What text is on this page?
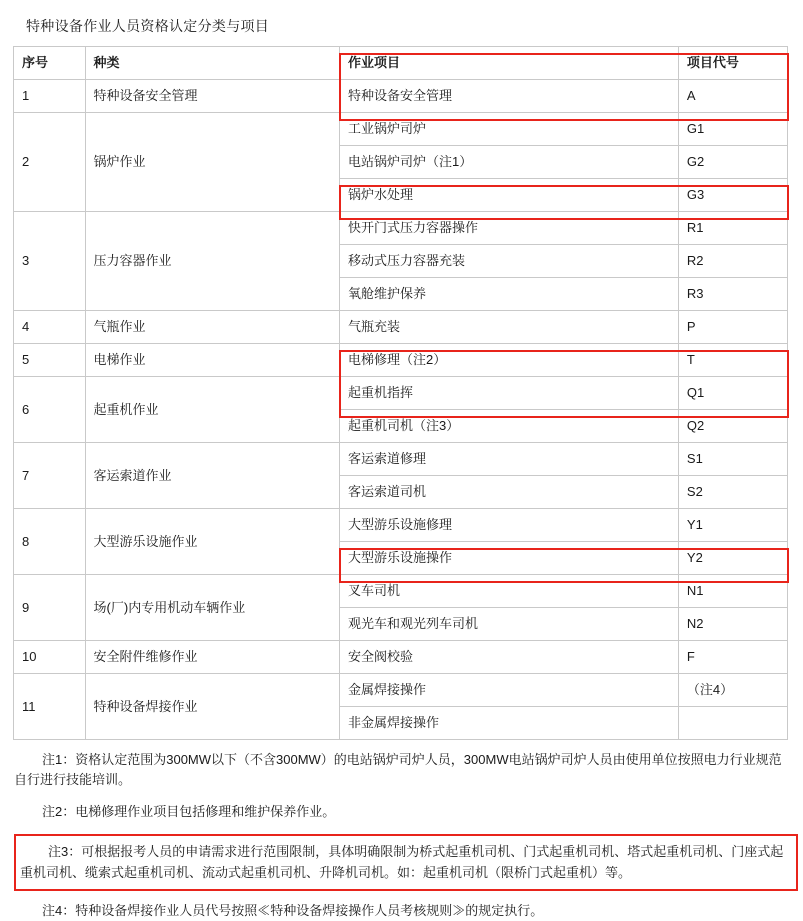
特种设备作业人员资格认定分类与项目
序号	种类	作业项目	项目代号
1	特种设备安全管理	特种设备安全管理	A
2	锅炉作业	工业锅炉司炉	G1
		电站锅炉司炉（注1）	G2
		锅炉水处理	G3
3	压力容器作业	快开门式压力容器操作	R1
		移动式压力容器充装	R2
		氧舱维护保养	R3
4	气瓶作业	气瓶充装	P
5	电梯作业	电梯修理（注2）	T
6	起重机作业	起重机指挥	Q1
		起重机司机（注3）	Q2
7	客运索道作业	客运索道修理	S1
		客运索道司机	S2
8	大型游乐设施作业	大型游乐设施修理	Y1
		大型游乐设施操作	Y2
9	场(厂)内专用机动车辆作业	叉车司机	N1
		观光车和观光列车司机	N2
10	安全附件维修作业	安全阀校验	F
11	特种设备焊接作业	金属焊接操作	（注4）
		非金属焊接操作	
注1：资格认定范围为300MW以下（不含300MW）的电站锅炉司炉人员，300MW电站锅炉司炉人员由使用单位按照电力行业规范自行进行技能培训。
注2：电梯修理作业项目包括修理和维护保养作业。
注3：可根据报考人员的申请需求进行范围限制，具体明确限制为桥式起重机司机、门式起重机司机、塔式起重机司机、门座式起重机司机、缆索式起重机司机、流动式起重机司机、升降机司机。如：起重机司机（限桥门式起重机）等。
注4：特种设备焊接作业人员代号按照≪特种设备焊接操作人员考核规则≫的规定执行。
